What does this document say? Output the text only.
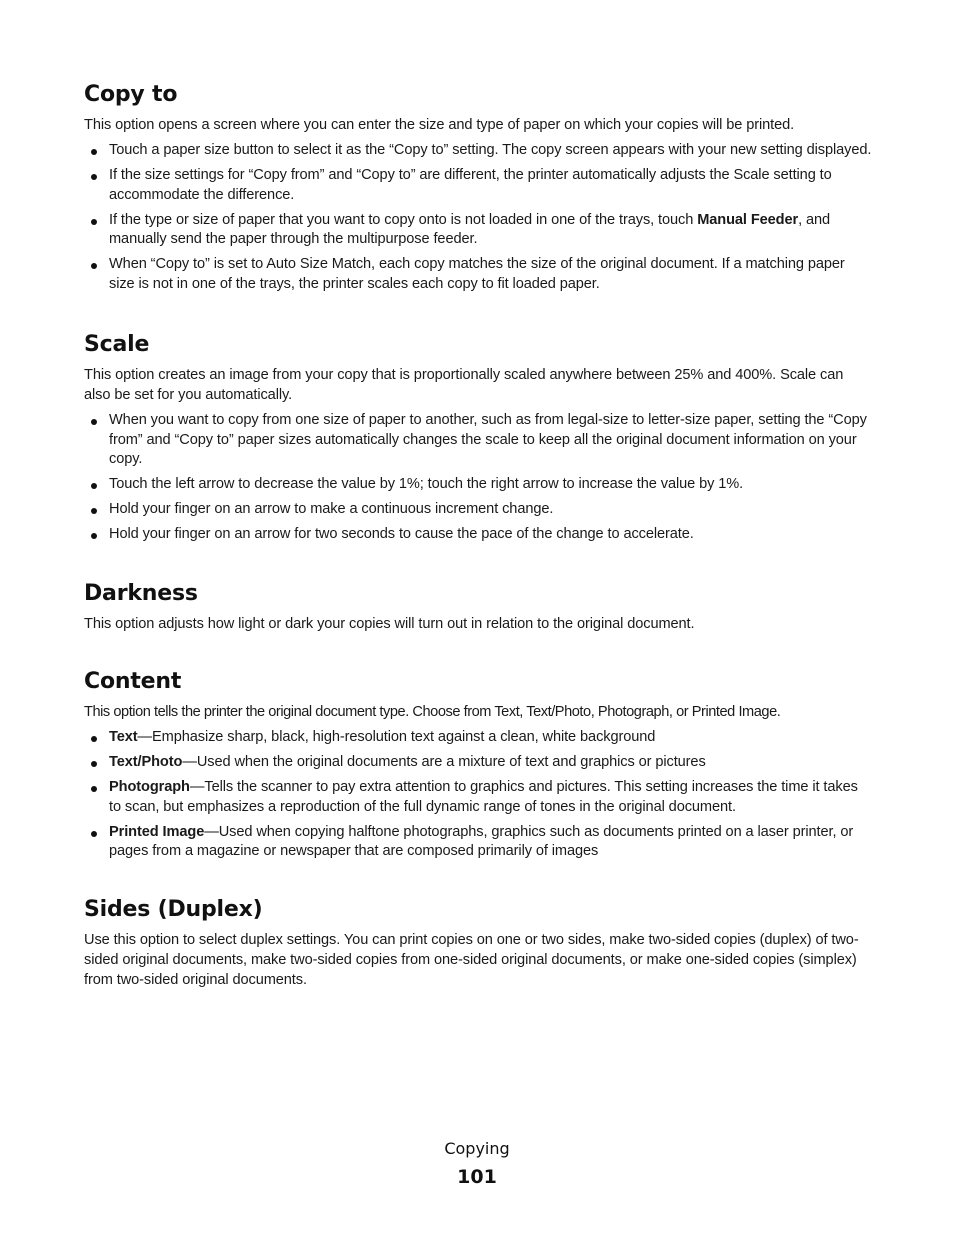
Copy to
This option opens a screen where you can enter the size and type of paper on which your copies will be printed.
Touch a paper size button to select it as the “Copy to” setting. The copy screen appears with your new setting displayed.
If the size settings for “Copy from” and “Copy to” are different, the printer automatically adjusts the Scale setting to accommodate the difference.
If the type or size of paper that you want to copy onto is not loaded in one of the trays, touch Manual Feeder, and manually send the paper through the multipurpose feeder.
When “Copy to” is set to Auto Size Match, each copy matches the size of the original document. If a matching paper size is not in one of the trays, the printer scales each copy to fit loaded paper.
Scale
This option creates an image from your copy that is proportionally scaled anywhere between 25% and 400%. Scale can also be set for you automatically.
When you want to copy from one size of paper to another, such as from legal-size to letter-size paper, setting the “Copy from” and “Copy to” paper sizes automatically changes the scale to keep all the original document information on your copy.
Touch the left arrow to decrease the value by 1%; touch the right arrow to increase the value by 1%.
Hold your finger on an arrow to make a continuous increment change.
Hold your finger on an arrow for two seconds to cause the pace of the change to accelerate.
Darkness
This option adjusts how light or dark your copies will turn out in relation to the original document.
Content
This option tells the printer the original document type. Choose from Text, Text/Photo, Photograph, or Printed Image.
Text—Emphasize sharp, black, high-resolution text against a clean, white background
Text/Photo—Used when the original documents are a mixture of text and graphics or pictures
Photograph—Tells the scanner to pay extra attention to graphics and pictures. This setting increases the time it takes to scan, but emphasizes a reproduction of the full dynamic range of tones in the original document.
Printed Image—Used when copying halftone photographs, graphics such as documents printed on a laser printer, or pages from a magazine or newspaper that are composed primarily of images
Sides (Duplex)
Use this option to select duplex settings. You can print copies on one or two sides, make two-sided copies (duplex) of two-sided original documents, make two-sided copies from one-sided original documents, or make one-sided copies (simplex) from two-sided original documents.
Copying
101
